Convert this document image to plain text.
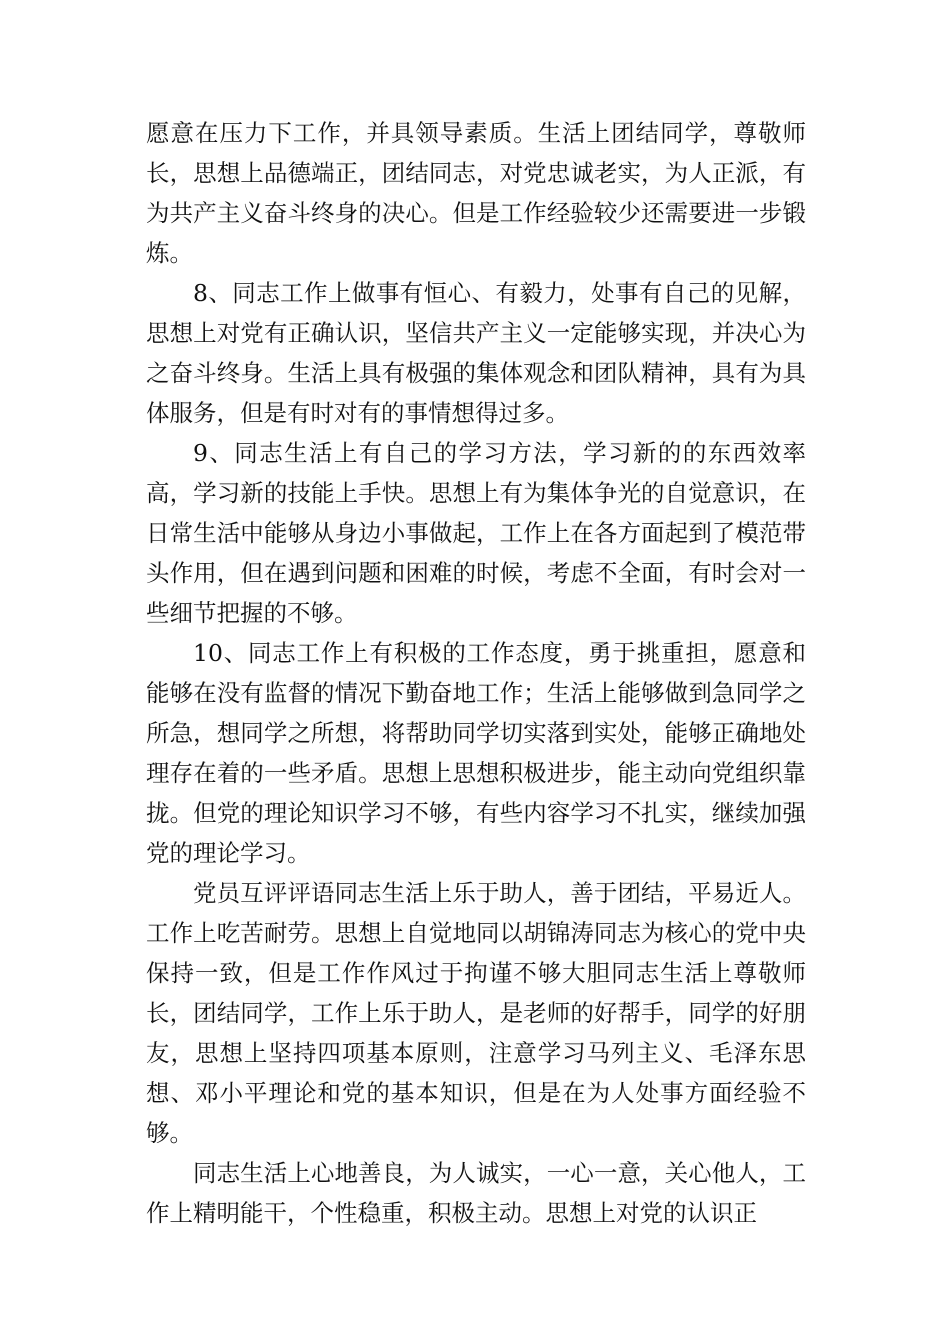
愿意在压力下工作，并具领导素质。生活上团结同学，尊敬师长，思想上品德端正，团结同志，对党忠诚老实，为人正派，有为共产主义奋斗终身的决心。但是工作经验较少还需要进一步锻炼。

8、同志工作上做事有恒心、有毅力，处事有自己的见解，思想上对党有正确认识，坚信共产主义一定能够实现，并决心为之奋斗终身。生活上具有极强的集体观念和团队精神，具有为具体服务，但是有时对有的事情想得过多。

9、同志生活上有自己的学习方法，学习新的的东西效率高，学习新的技能上手快。思想上有为集体争光的自觉意识，在日常生活中能够从身边小事做起，工作上在各方面起到了模范带头作用，但在遇到问题和困难的时候，考虑不全面，有时会对一些细节把握的不够。

10、同志工作上有积极的工作态度，勇于挑重担，愿意和能够在没有监督的情况下勤奋地工作；生活上能够做到急同学之所急，想同学之所想，将帮助同学切实落到实处，能够正确地处理存在着的一些矛盾。思想上思想积极进步，能主动向党组织靠拢。但党的理论知识学习不够，有些内容学习不扎实，继续加强党的理论学习。

党员互评评语同志生活上乐于助人，善于团结，平易近人。工作上吃苦耐劳。思想上自觉地同以胡锦涛同志为核心的党中央保持一致，但是工作作风过于拘谨不够大胆同志生活上尊敬师长，团结同学，工作上乐于助人，是老师的好帮手，同学的好朋友，思想上坚持四项基本原则，注意学习马列主义、毛泽东思想、邓小平理论和党的基本知识，但是在为人处事方面经验不够。

同志生活上心地善良，为人诚实，一心一意，关心他人，工作上精明能干，个性稳重，积极主动。思想上对党的认识正
